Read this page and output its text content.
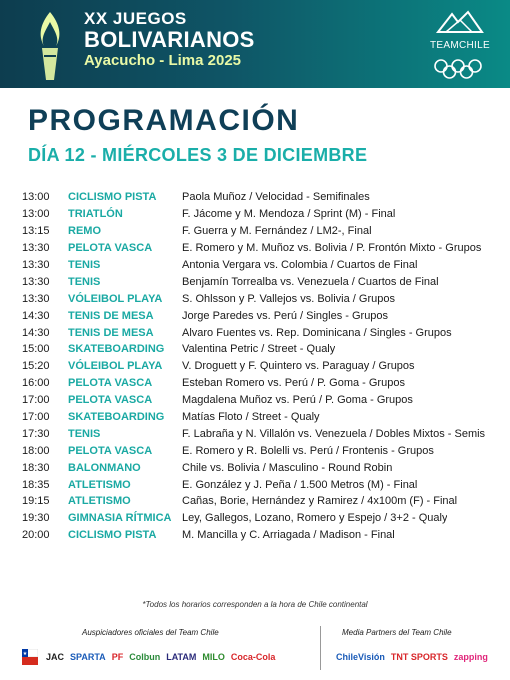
XX JUEGOS
BOLIVARIANOS
Ayacucho - Lima 2025
TEAMCHILE
PROGRAMACIÓN
DÍA 12 - MIÉRCOLES 3 DE DICIEMBRE
13:00	CICLISMO PISTA	Paola Muñoz / Velocidad - Semifinales
13:00	TRIATLÓN	F. Jácome y M. Mendoza / Sprint (M) - Final
13:15	REMO	F. Guerra y M. Fernández / LM2-, Final
13:30	PELOTA VASCA	E. Romero y M. Muñoz vs. Bolivia / P. Frontón Mixto - Grupos
13:30	TENIS	Antonia Vergara vs. Colombia / Cuartos de Final
13:30	TENIS	Benjamín Torrealba vs. Venezuela / Cuartos de Final
13:30	VÓLEIBOL PLAYA	S. Ohlsson y P. Vallejos vs. Bolivia / Grupos
14:30	TENIS DE MESA	Jorge Paredes vs. Perú / Singles - Grupos
14:30	TENIS DE MESA	Alvaro Fuentes vs. Rep. Dominicana / Singles - Grupos
15:00	SKATEBOARDING	Valentina Petric / Street - Qualy
15:20	VÓLEIBOL PLAYA	V. Droguett y F. Quintero vs. Paraguay / Grupos
16:00	PELOTA VASCA	Esteban Romero vs. Perú / P. Goma - Grupos
17:00	PELOTA VASCA	Magdalena Muñoz vs. Perú / P. Goma - Grupos
17:00	SKATEBOARDING	Matías Floto / Street - Qualy
17:30	TENIS	F. Labraña y N. Villalón vs. Venezuela / Dobles Mixtos - Semis
18:00	PELOTA VASCA	E. Romero y R. Bolelli vs. Perú / Frontenis - Grupos
18:30	BALONMANO	Chile vs. Bolivia / Masculino - Round Robin
18:35	ATLETISMO	E. González y J. Peña / 1.500 Metros (M) - Final
19:15	ATLETISMO	Cañas, Borie, Hernández y Ramirez / 4x100m (F) - Final
19:30	GIMNASIA RÍTMICA Ley, Gallegos, Lozano, Romero y Espejo / 3+2 - Qualy
20:00	CICLISMO PISTA	M. Mancilla y C. Arriagada / Madison - Final
*Todos los horarios corresponden a la hora de Chile continental
Auspiciadores oficiales del Team Chile	Media Partners del Team Chile
★ JAC SPARTA PF Colbun LATAM MILO Coca-Cola	ChileVisión TNT SPORTS zapping
